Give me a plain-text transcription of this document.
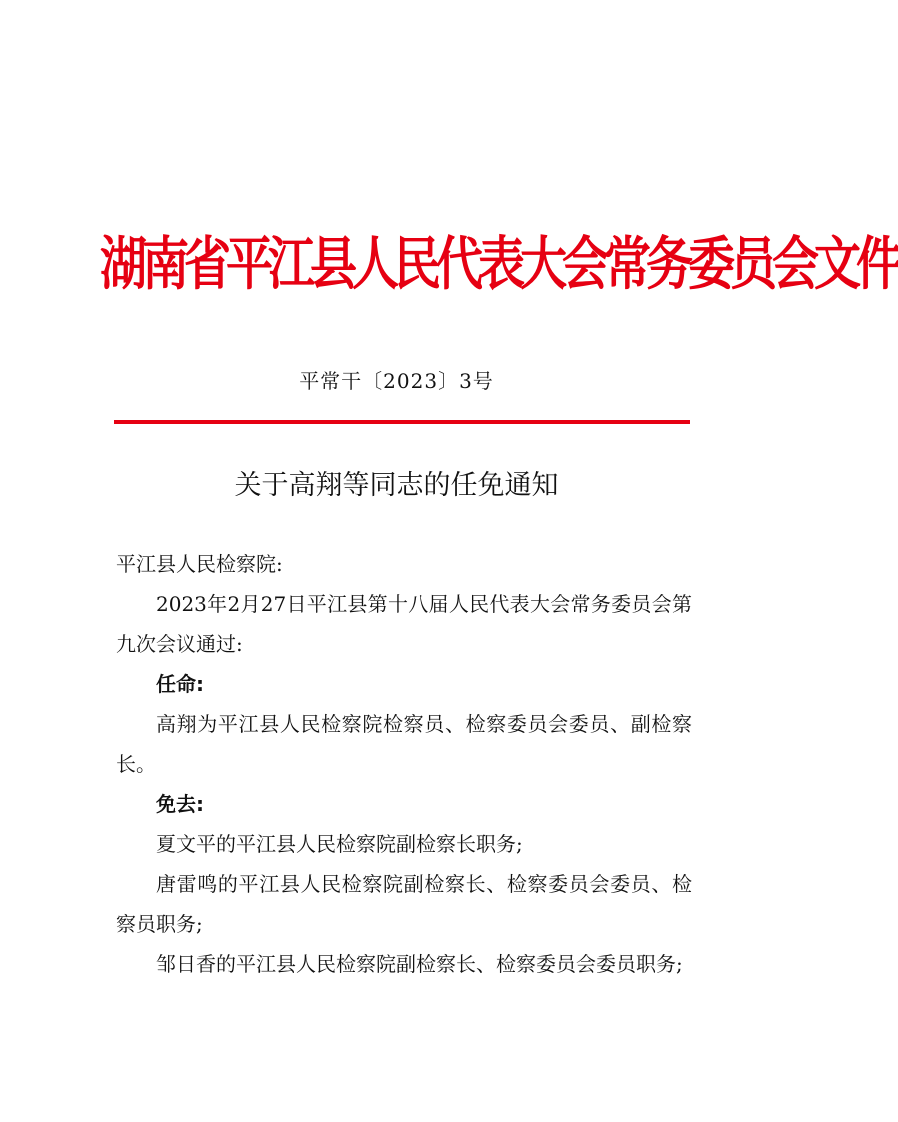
湖南省平江县人民代表大会常务委员会文件
平常干〔2023〕3号
关于高翔等同志的任免通知

平江县人民检察院:

2023年2月27日平江县第十八届人民代表大会常务委员会第九次会议通过:

任命:

高翔为平江县人民检察院检察员、检察委员会委员、副检察长。

免去:

夏文平的平江县人民检察院副检察长职务;

唐雷鸣的平江县人民检察院副检察长、检察委员会委员、检察员职务;

邹日香的平江县人民检察院副检察长、检察委员会委员职务;
